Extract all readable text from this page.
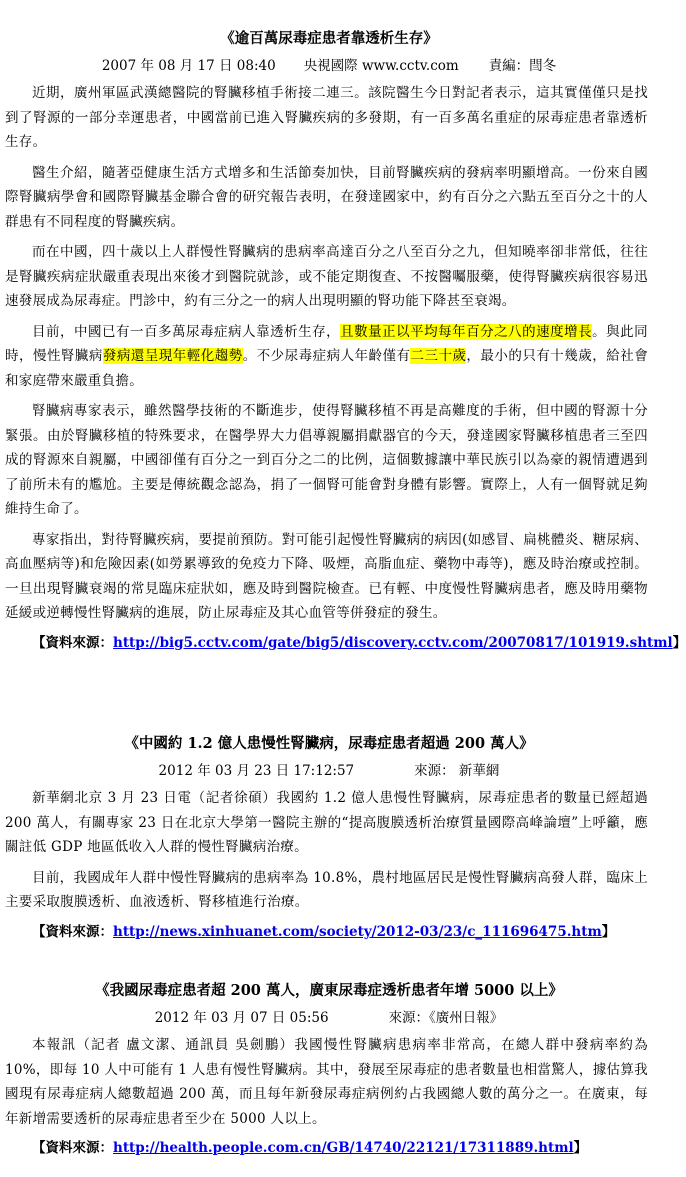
《逾百萬尿毒症患者靠透析生存》
2007 年 08 月 17 日 08:40 央視國際 www.cctv.com 責編：閆冬

近期，廣州軍區武漢總醫院的腎臟移植手術接二連三。該院醫生今日對記者表示，這其實僅僅只是找到了腎源的一部分幸運患者，中國當前已進入腎臟疾病的多發期，有一百多萬名重症的尿毒症患者靠透析生存。

醫生介紹，隨著亞健康生活方式增多和生活節奏加快，目前腎臟疾病的發病率明顯增高。一份來自國際腎臟病學會和國際腎臟基金聯合會的研究報告表明，在發達國家中，約有百分之六點五至百分之十的人群患有不同程度的腎臟疾病。

而在中國，四十歲以上人群慢性腎臟病的患病率高達百分之八至百分之九，但知曉率卻非常低，往往是腎臟疾病症狀嚴重表現出來後才到醫院就診，或不能定期復查、不按醫囑服藥，使得腎臟疾病很容易迅速發展成為尿毒症。門診中，約有三分之一的病人出現明顯的腎功能下降甚至衰竭。

目前，中國已有一百多萬尿毒症病人靠透析生存，且數量正以平均每年百分之八的速度增長。與此同時，慢性腎臟病發病還呈現年輕化趨勢。不少尿毒症病人年齡僅有二三十歲，最小的只有十幾歲，給社會和家庭帶來嚴重負擔。

腎臟病專家表示，雖然醫學技術的不斷進步，使得腎臟移植不再是高難度的手術，但中國的腎源十分緊張。由於腎臟移植的特殊要求，在醫學界大力倡導親屬捐獻器官的今天，發達國家腎臟移植患者三至四成的腎源來自親屬，中國卻僅有百分之一到百分之二的比例，這個數據讓中華民族引以為豪的親情遭遇到了前所未有的尷尬。主要是傳統觀念認為，捐了一個腎可能會對身體有影響。實際上，人有一個腎就足夠維持生命了。

專家指出，對待腎臟疾病，要提前預防。對可能引起慢性腎臟病的病因(如感冒、扁桃體炎、糖尿病、高血壓病等)和危險因素(如勞累導致的免疫力下降、吸煙，高脂血症、藥物中毒等)，應及時治療或控制。一旦出現腎臟衰竭的常見臨床症狀如，應及時到醫院檢查。已有輕、中度慢性腎臟病患者，應及時用藥物延緩或逆轉慢性腎臟病的進展，防止尿毒症及其心血管等併發症的發生。

【資料來源：http://big5.cctv.com/gate/big5/discovery.cctv.com/20070817/101919.shtml】
《中國約 1.2 億人患慢性腎臟病，尿毒症患者超過 200 萬人》
2012 年 03 月 23 日 17:12:57	來源： 新華網

新華網北京 3 月 23 日電（記者徐碩）我國約 1.2 億人患慢性腎臟病，尿毒症患者的數量已經超過 200 萬人，有關專家 23 日在北京大學第一醫院主辦的“提高腹膜透析治療質量國際高峰論壇”上呼籲，應關註低 GDP 地區低收入人群的慢性腎臟病治療。

目前，我國成年人群中慢性腎臟病的患病率為 10.8%，農村地區居民是慢性腎臟病高發人群，臨床上主要采取腹膜透析、血液透析、腎移植進行治療。

【資料來源：http://news.xinhuanet.com/society/2012-03/23/c_111696475.htm】
《我國尿毒症患者超 200 萬人，廣東尿毒症透析患者年增 5000 以上》
2012 年 03 月 07 日 05:56	來源：《廣州日報》

本報訊（記者 盧文潔、通訊員 吳劍鵬）我國慢性腎臟病患病率非常高，在總人群中發病率約為 10%，即每 10 人中可能有 1 人患有慢性腎臟病。其中，發展至尿毒症的患者數量也相當驚人，據估算我國現有尿毒症病人總數超過 200 萬，而且每年新發尿毒症病例約占我國總人數的萬分之一。在廣東，每年新增需要透析的尿毒症患者至少在 5000 人以上。

【資料來源：http://health.people.com.cn/GB/14740/22121/17311889.html】
